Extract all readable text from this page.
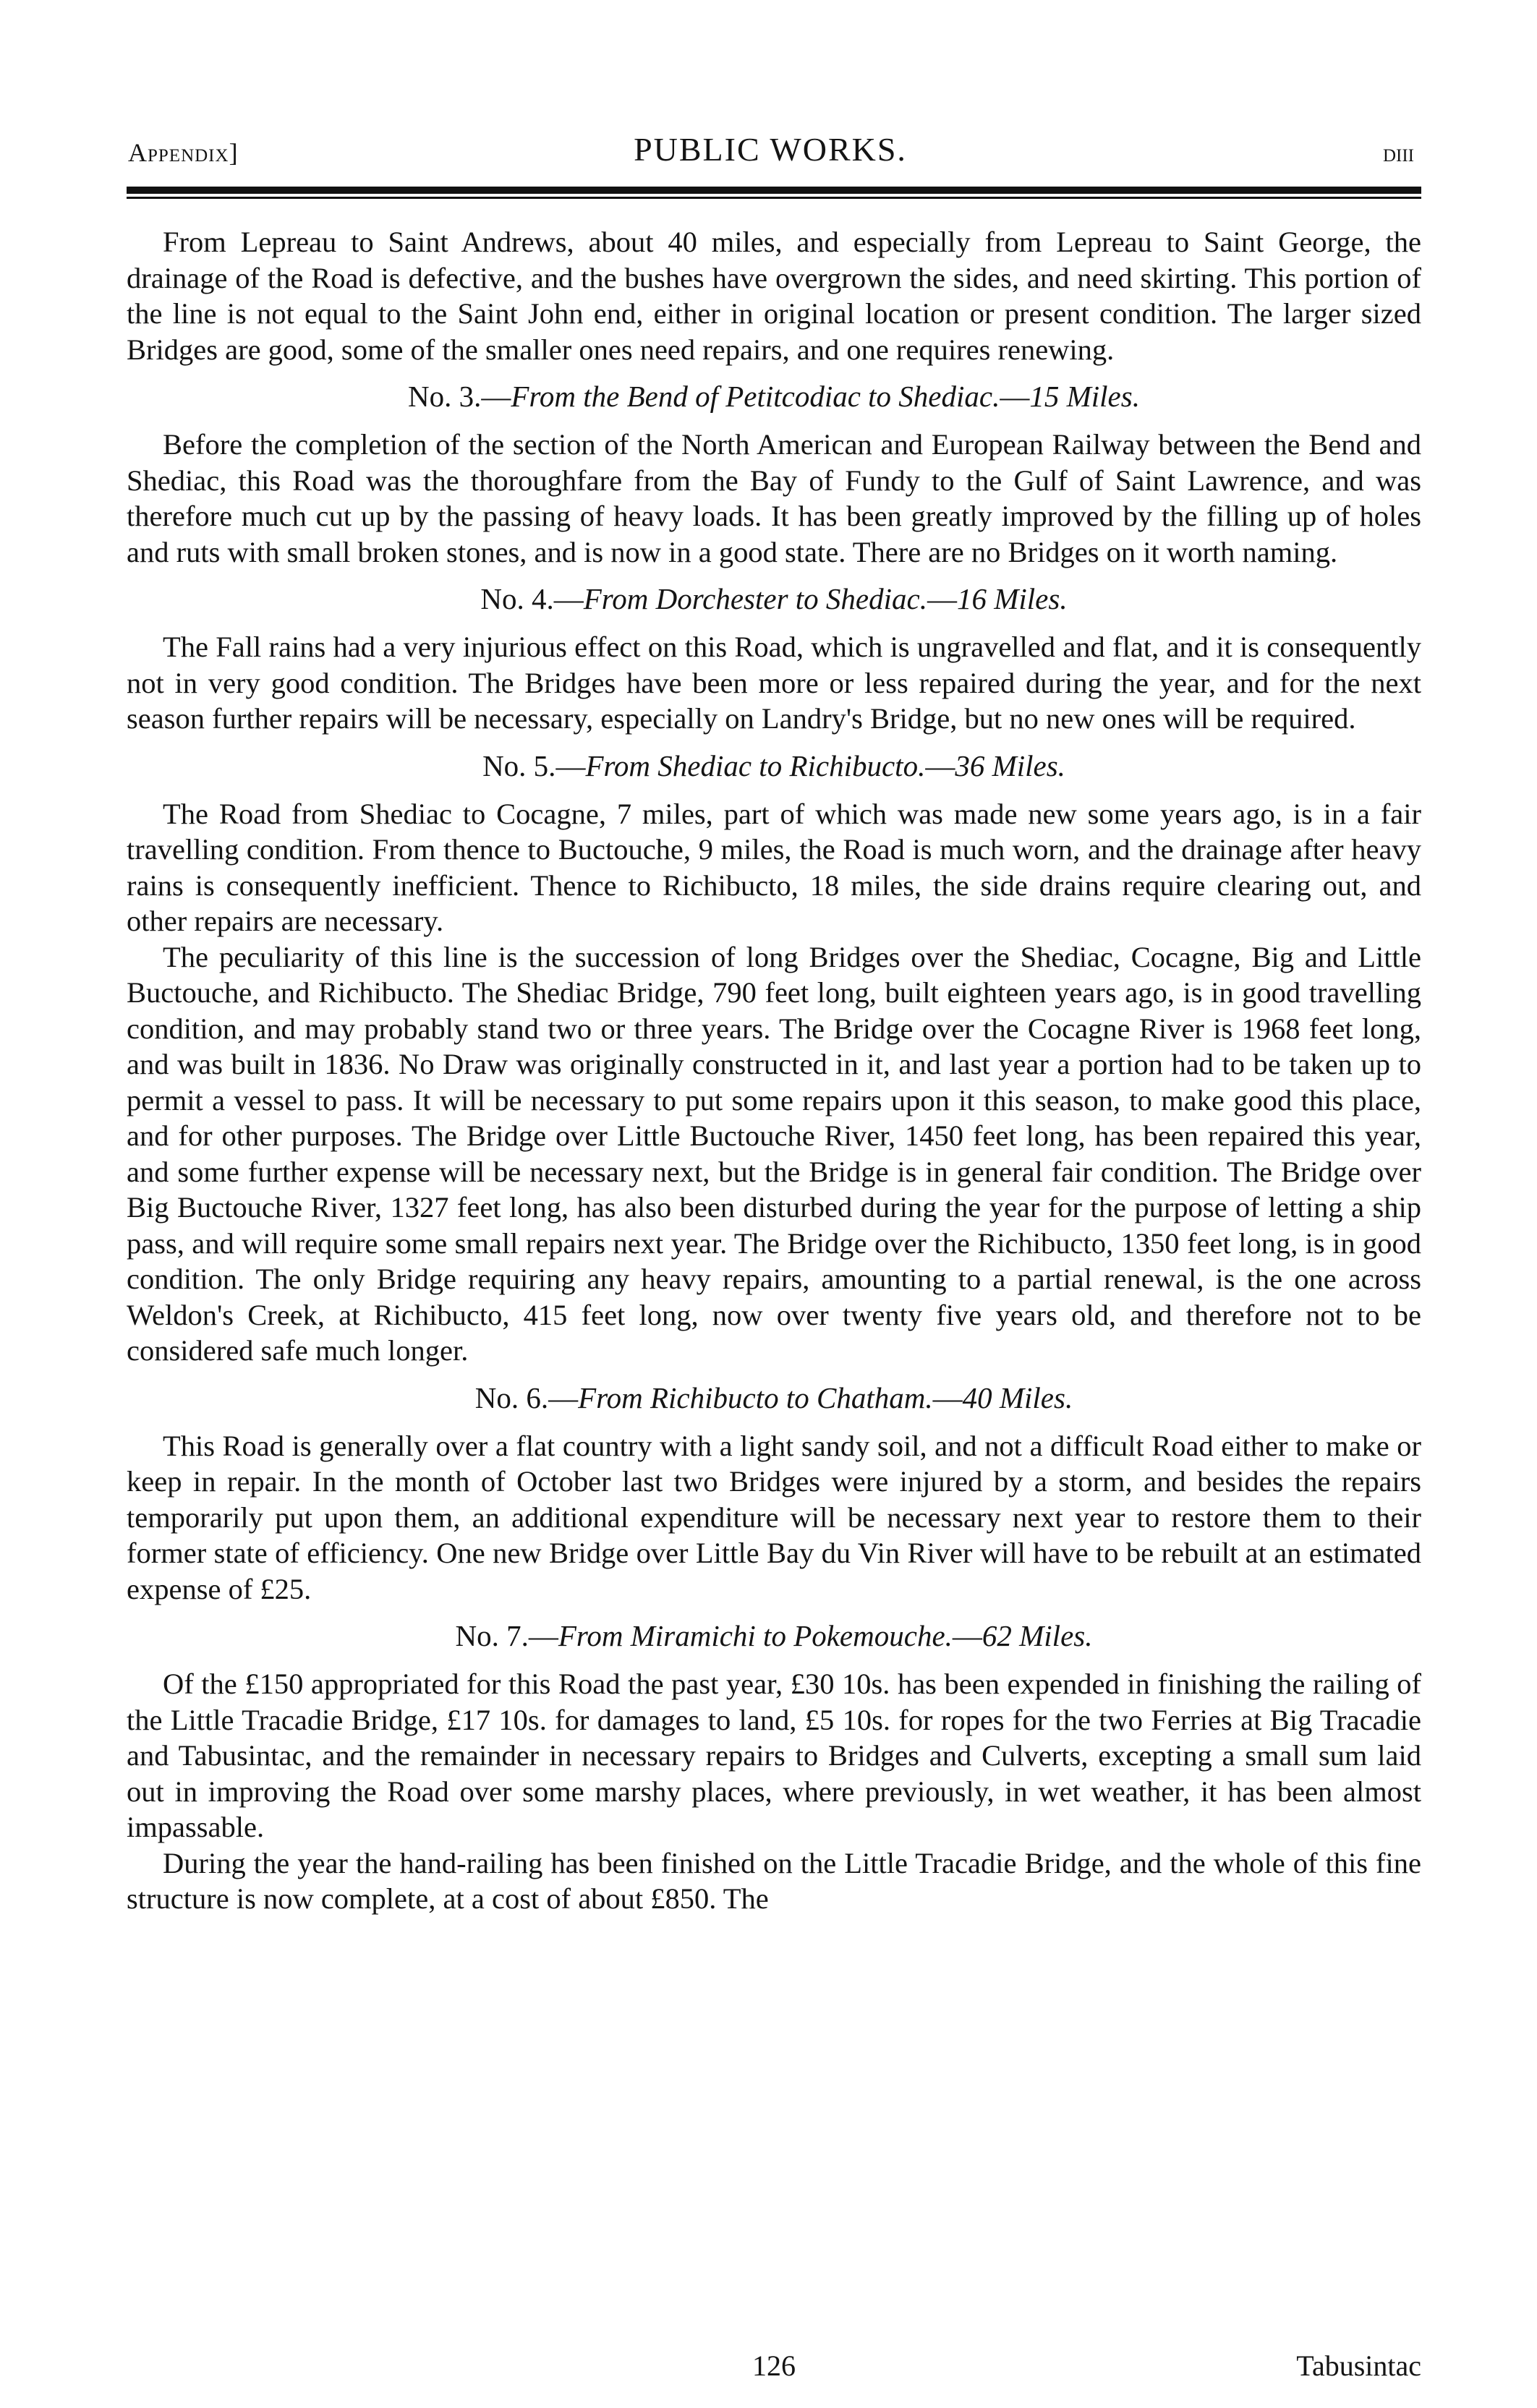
Appendix]	PUBLIC WORKS.	diii

From Lepreau to Saint Andrews, about 40 miles, and especially from Lepreau to Saint George, the drainage of the Road is defective, and the bushes have overgrown the sides, and need skirting. This portion of the line is not equal to the Saint John end, either in original location or present condition. The larger sized Bridges are good, some of the smaller ones need repairs, and one requires renewing.

No. 3.—From the Bend of Petitcodiac to Shediac.—15 Miles.

Before the completion of the section of the North American and European Railway between the Bend and Shediac, this Road was the thoroughfare from the Bay of Fundy to the Gulf of Saint Lawrence, and was therefore much cut up by the passing of heavy loads. It has been greatly improved by the filling up of holes and ruts with small broken stones, and is now in a good state. There are no Bridges on it worth naming.

No. 4.—From Dorchester to Shediac.—16 Miles.

The Fall rains had a very injurious effect on this Road, which is ungravelled and flat, and it is consequently not in very good condition. The Bridges have been more or less repaired during the year, and for the next season further repairs will be necessary, especially on Landry's Bridge, but no new ones will be required.

No. 5.—From Shediac to Richibucto.—36 Miles.

The Road from Shediac to Cocagne, 7 miles, part of which was made new some years ago, is in a fair travelling condition. From thence to Buctouche, 9 miles, the Road is much worn, and the drainage after heavy rains is consequently inefficient. Thence to Richibucto, 18 miles, the side drains require clearing out, and other repairs are necessary.

The peculiarity of this line is the succession of long Bridges over the Shediac, Cocagne, Big and Little Buctouche, and Richibucto. The Shediac Bridge, 790 feet long, built eighteen years ago, is in good travelling condition, and may probably stand two or three years. The Bridge over the Cocagne River is 1968 feet long, and was built in 1836. No Draw was originally constructed in it, and last year a portion had to be taken up to permit a vessel to pass. It will be necessary to put some repairs upon it this season, to make good this place, and for other purposes. The Bridge over Little Buctouche River, 1450 feet long, has been repaired this year, and some further expense will be necessary next, but the Bridge is in general fair condition. The Bridge over Big Buctouche River, 1327 feet long, has also been disturbed during the year for the purpose of letting a ship pass, and will require some small repairs next year. The Bridge over the Richibucto, 1350 feet long, is in good condition. The only Bridge requiring any heavy repairs, amounting to a partial renewal, is the one across Weldon's Creek, at Richibucto, 415 feet long, now over twenty five years old, and therefore not to be considered safe much longer.

No. 6.—From Richibucto to Chatham.—40 Miles.

This Road is generally over a flat country with a light sandy soil, and not a difficult Road either to make or keep in repair. In the month of October last two Bridges were injured by a storm, and besides the repairs temporarily put upon them, an additional expenditure will be necessary next year to restore them to their former state of efficiency. One new Bridge over Little Bay du Vin River will have to be rebuilt at an estimated expense of £25.

No. 7.—From Miramichi to Pokemouche.—62 Miles.

Of the £150 appropriated for this Road the past year, £30 10s. has been expended in finishing the railing of the Little Tracadie Bridge, £17 10s. for damages to land, £5 10s. for ropes for the two Ferries at Big Tracadie and Tabusintac, and the remainder in necessary repairs to Bridges and Culverts, excepting a small sum laid out in improving the Road over some marshy places, where previously, in wet weather, it has been almost impassable.

During the year the hand-railing has been finished on the Little Tracadie Bridge, and the whole of this fine structure is now complete, at a cost of about £850. The

126	Tabusintac
